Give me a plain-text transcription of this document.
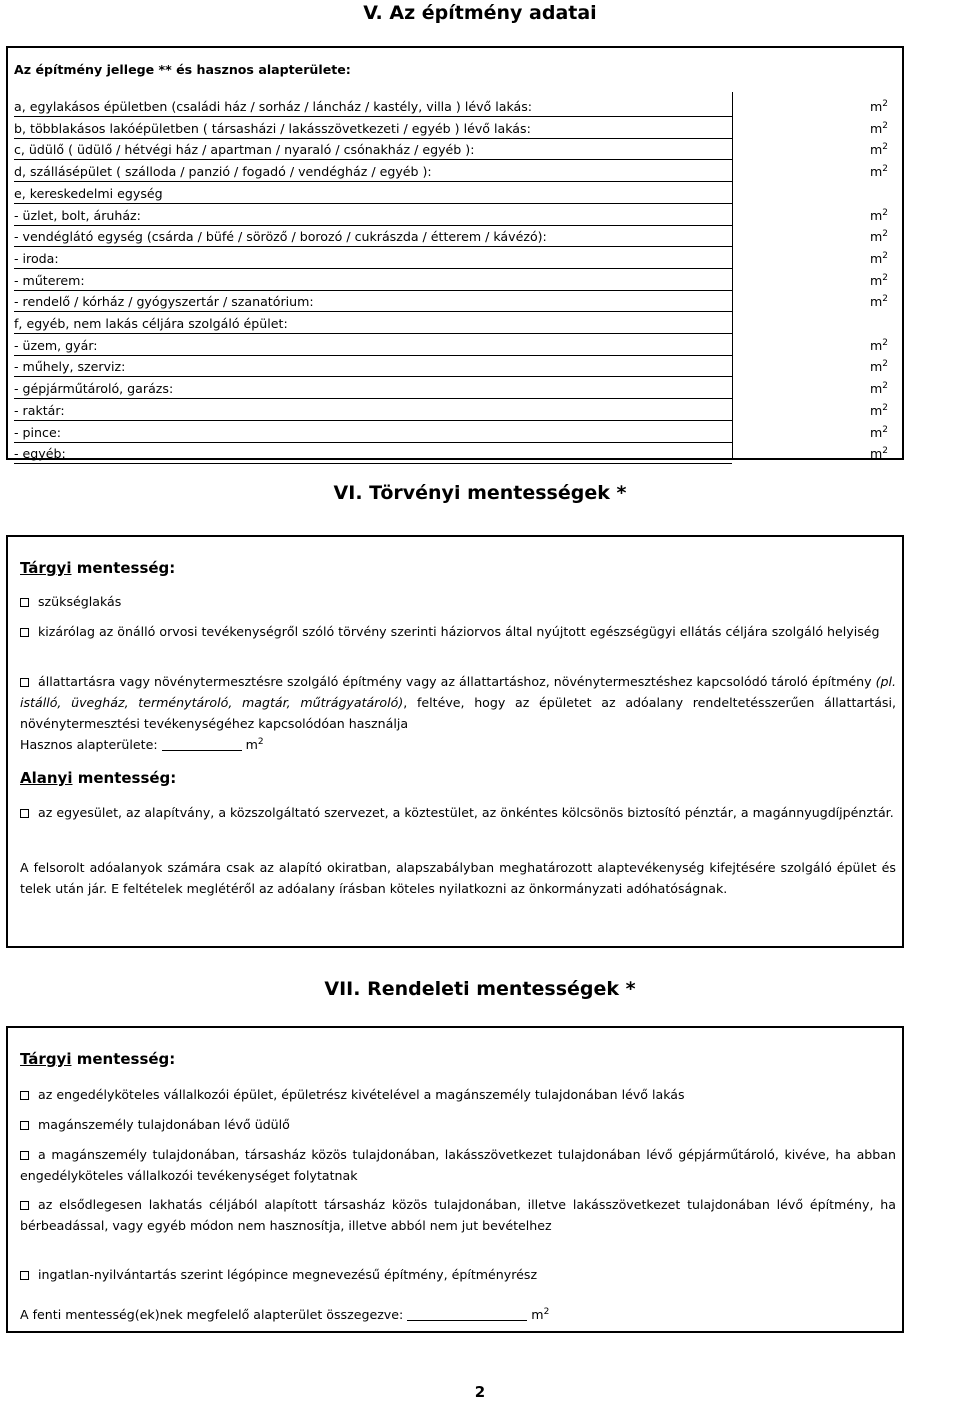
V. Az építmény adatai
Az építmény jellege ** és hasznos alapterülete:
a, egylakásos épületben (családi ház / sorház / láncház / kastély, villa ) lévő lakás:	$m^2$
b, többlakásos lakóépületben ( társasházi / lakásszövetkezeti / egyéb ) lévő lakás:	$m^2$
c, üdülő ( üdülő / hétvégi ház / apartman / nyaraló / csónakház / egyéb ):	$m^2$
d, szállásépület ( szálloda / panzió / fogadó / vendégház / egyéb ):	$m^2$
e, kereskedelmi egység
- üzlet, bolt, áruház:	$m^2$
- vendéglátó egység (csárda / büfé / söröző / borozó / cukrászda / étterem / kávézó):	$m^2$
- iroda:	$m^2$
- műterem:	$m^2$
- rendelő / kórház / gyógyszertár / szanatórium:	$m^2$
f, egyéb, nem lakás céljára szolgáló épület:
- üzem, gyár:	$m^2$
- műhely, szerviz:	$m^2$
- gépjárműtároló, garázs:	$m^2$
- raktár:	$m^2$
- pince:	$m^2$
- egyéb:	$m^2$
VI. Törvényi mentességek *
Tárgyi mentesség:
szükséglakás
kizárólag az önálló orvosi tevékenységről szóló törvény szerinti háziorvos által nyújtott egészségügyi ellátás céljára szolgáló helyiség
állattartásra vagy növénytermesztésre szolgáló építmény vagy az állattartáshoz, növénytermesztéshez kapcsolódó tároló építmény (pl. istálló, üvegház, terménytároló, magtár, műtrágyatároló), feltéve, hogy az épületet az adóalany rendeltetésszerűen állattartási, növénytermesztési tevékenységéhez kapcsolódóan használja
Hasznos alapterülete:	$m^2$
Alanyi mentesség:
az egyesület, az alapítvány, a közszolgáltató szervezet, a köztestület, az önkéntes kölcsönös biztosító pénztár, a magánnyugdíjpénztár.
A felsorolt adóalanyok számára csak az alapító okiratban, alapszabályban meghatározott alaptevékenység kifejtésére szolgáló épület és telek után jár. E feltételek meglétéről az adóalany írásban köteles nyilatkozni az önkormányzati adóhatóságnak.
VII. Rendeleti mentességek *
Tárgyi mentesség:
az engedélyköteles vállalkozói épület, épületrész kivételével a magánszemély tulajdonában lévő lakás
magánszemély tulajdonában lévő üdülő
a magánszemély tulajdonában, társasház közös tulajdonában, lakásszövetkezet tulajdonában lévő gépjárműtároló, kivéve, ha abban engedélyköteles vállalkozói tevékenységet folytatnak
az elsődlegesen lakhatás céljából alapított társasház közös tulajdonában, illetve lakásszövetkezet tulajdonában lévő építmény, ha bérbeadással, vagy egyéb módon nem hasznosítja, illetve abból nem jut bevételhez
ingatlan-nyilvántartás szerint légópince megnevezésű építmény, építményrész
A fenti mentesség(ek)nek megfelelő alapterület összegezve:	$m^2$
2
